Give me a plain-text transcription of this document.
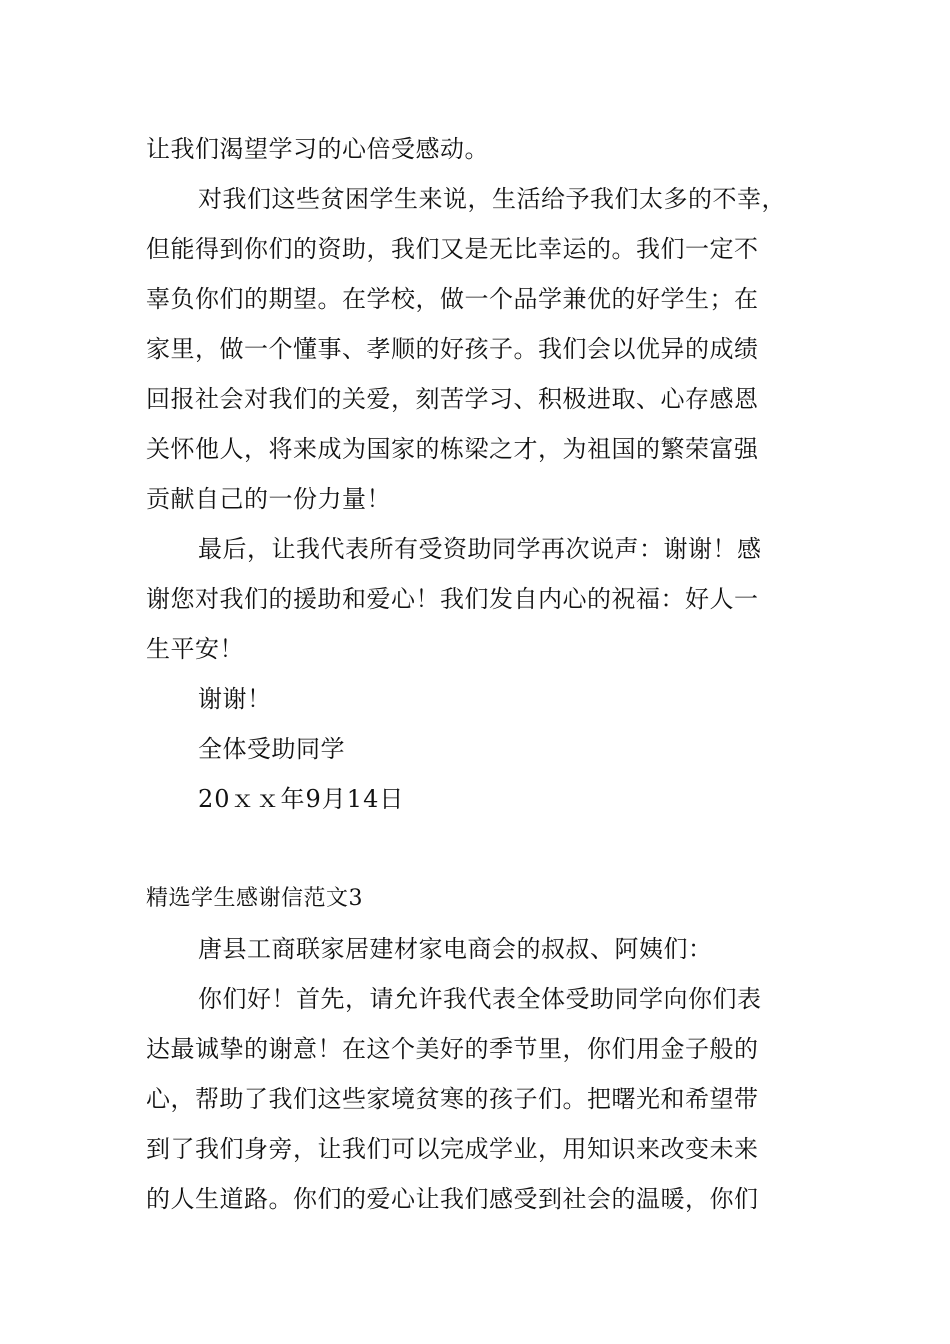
让我们渴望学习的心倍受感动。
对我们这些贫困学生来说，生活给予我们太多的不幸，
但能得到你们的资助，我们又是无比幸运的。我们一定不
辜负你们的期望。在学校，做一个品学兼优的好学生；在
家里，做一个懂事、孝顺的好孩子。我们会以优异的成绩
回报社会对我们的关爱，刻苦学习、积极进取、心存感恩
关怀他人，将来成为国家的栋梁之才，为祖国的繁荣富强
贡献自己的一份力量！
最后，让我代表所有受资助同学再次说声：谢谢！感
谢您对我们的援助和爱心！我们发自内心的祝福：好人一
生平安！
谢谢！
全体受助同学
20ｘｘ年9月14日
精选学生感谢信范文3
唐县工商联家居建材家电商会的叔叔、阿姨们：
你们好！首先，请允许我代表全体受助同学向你们表
达最诚挚的谢意！在这个美好的季节里，你们用金子般的
心，帮助了我们这些家境贫寒的孩子们。把曙光和希望带
到了我们身旁，让我们可以完成学业，用知识来改变未来
的人生道路。你们的爱心让我们感受到社会的温暖，你们
